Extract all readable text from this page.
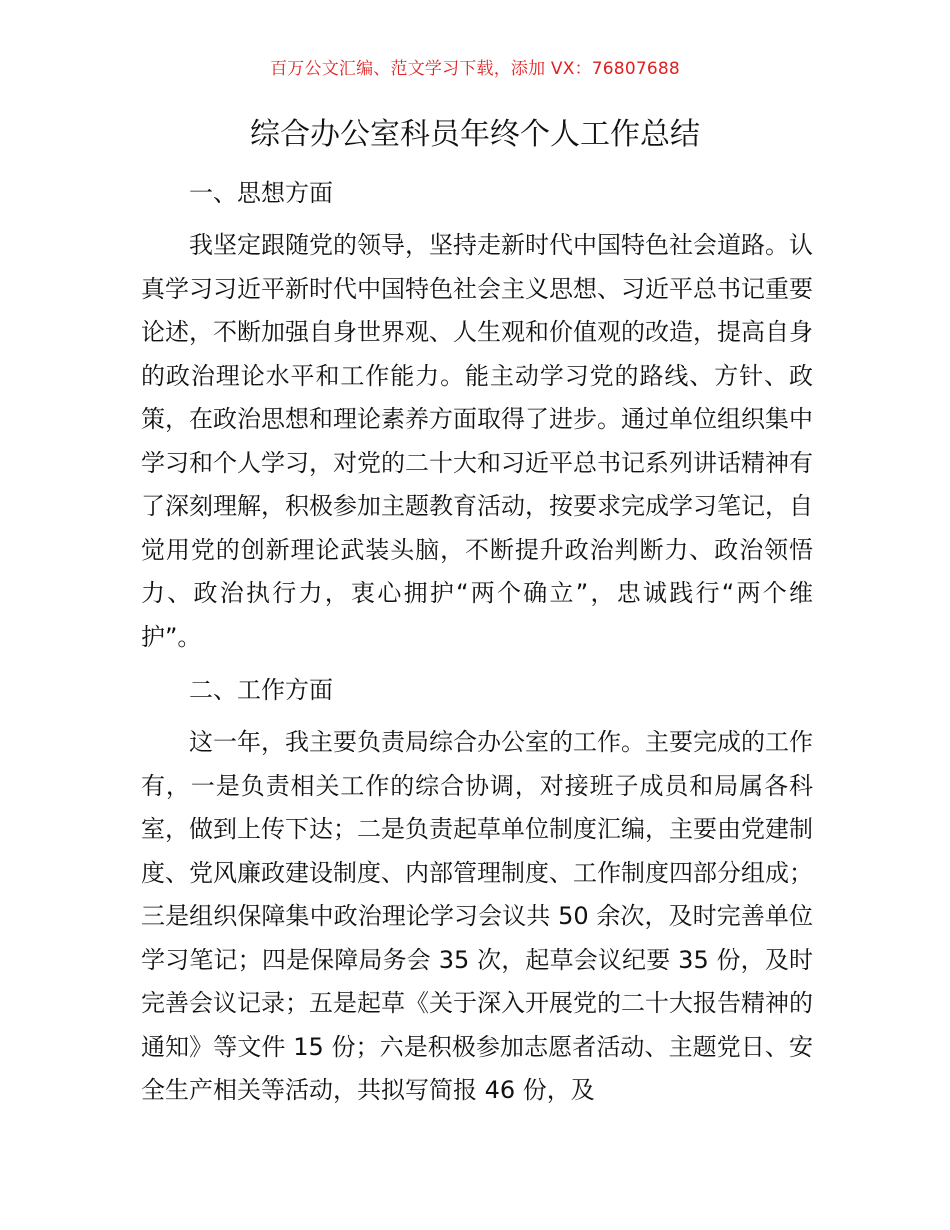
百万公文汇编、范文学习下载，添加 VX：76807688
综合办公室科员年终个人工作总结

一、思想方面

我坚定跟随党的领导，坚持走新时代中国特色社会道路。认真学习习近平新时代中国特色社会主义思想、习近平总书记重要论述，不断加强自身世界观、人生观和价值观的改造，提高自身的政治理论水平和工作能力。能主动学习党的路线、方针、政策，在政治思想和理论素养方面取得了进步。通过单位组织集中学习和个人学习，对党的二十大和习近平总书记系列讲话精神有了深刻理解，积极参加主题教育活动，按要求完成学习笔记，自觉用党的创新理论武装头脑，不断提升政治判断力、政治领悟力、政治执行力，衷心拥护“两个确立”，忠诚践行“两个维护”。

二、工作方面

这一年，我主要负责局综合办公室的工作。主要完成的工作有，一是负责相关工作的综合协调，对接班子成员和局属各科室，做到上传下达；二是负责起草单位制度汇编，主要由党建制度、党风廉政建设制度、内部管理制度、工作制度四部分组成；三是组织保障集中政治理论学习会议共 50 余次，及时完善单位学习笔记；四是保障局务会 35 次，起草会议纪要 35 份，及时完善会议记录；五是起草《关于深入开展党的二十大报告精神的通知》等文件 15 份；六是积极参加志愿者活动、主题党日、安全生产相关等活动，共拟写简报 46 份，及
